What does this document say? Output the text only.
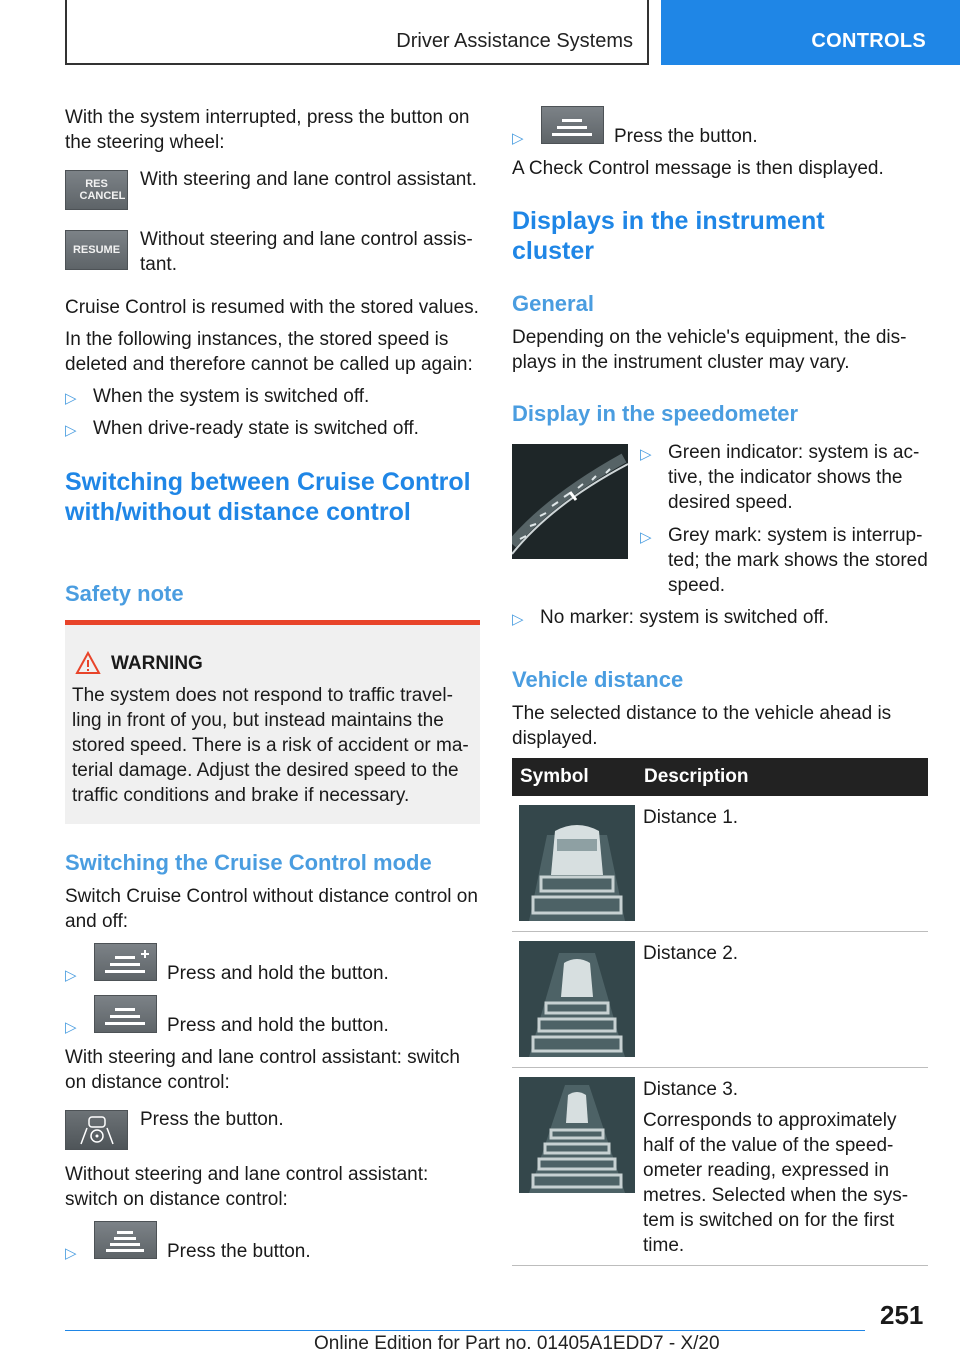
Driver Assistance Systems	CONTROLS
With the system interrupted, press the button on the steering wheel:
RES CANCEL
With steering and lane control assistant.
RESUME Without steering and lane control assistant.
Cruise Control is resumed with the stored values.
In the following instances, the stored speed is deleted and therefore cannot be called up again:
▷ When the system is switched off.
▷ When drive-ready state is switched off.
Switching between Cruise Control with/without distance control
Safety note
WARNING
The system does not respond to traffic travelling in front of you, but instead maintains the stored speed. There is a risk of accident or material damage. Adjust the desired speed to the traffic conditions and brake if necessary.
Switching the Cruise Control mode
Switch Cruise Control without distance control on and off:
▷	Press and hold the button.
▷	Press and hold the button.
With steering and lane control assistant: switch on distance control:
Press the button.
Without steering and lane control assistant: switch on distance control:
▷	Press the button.
▷	Press the button.
A Check Control message is then displayed.
Displays in the instrument cluster
General
Depending on the vehicle's equipment, the displays in the instrument cluster may vary.
Display in the speedometer
▷ Green indicator: system is active, the indicator shows the desired speed.
▷ Grey mark: system is interrupted; the mark shows the stored speed.
▷ No marker: system is switched off.
Vehicle distance
The selected distance to the vehicle ahead is displayed.
Symbol	Description
Distance 1.
Distance 2.
Distance 3.
Corresponds to approximately half of the value of the speedometer reading, expressed in metres. Selected when the system is switched on for the first time.
251
Online Edition for Part no. 01405A1EDD7 - X/20
